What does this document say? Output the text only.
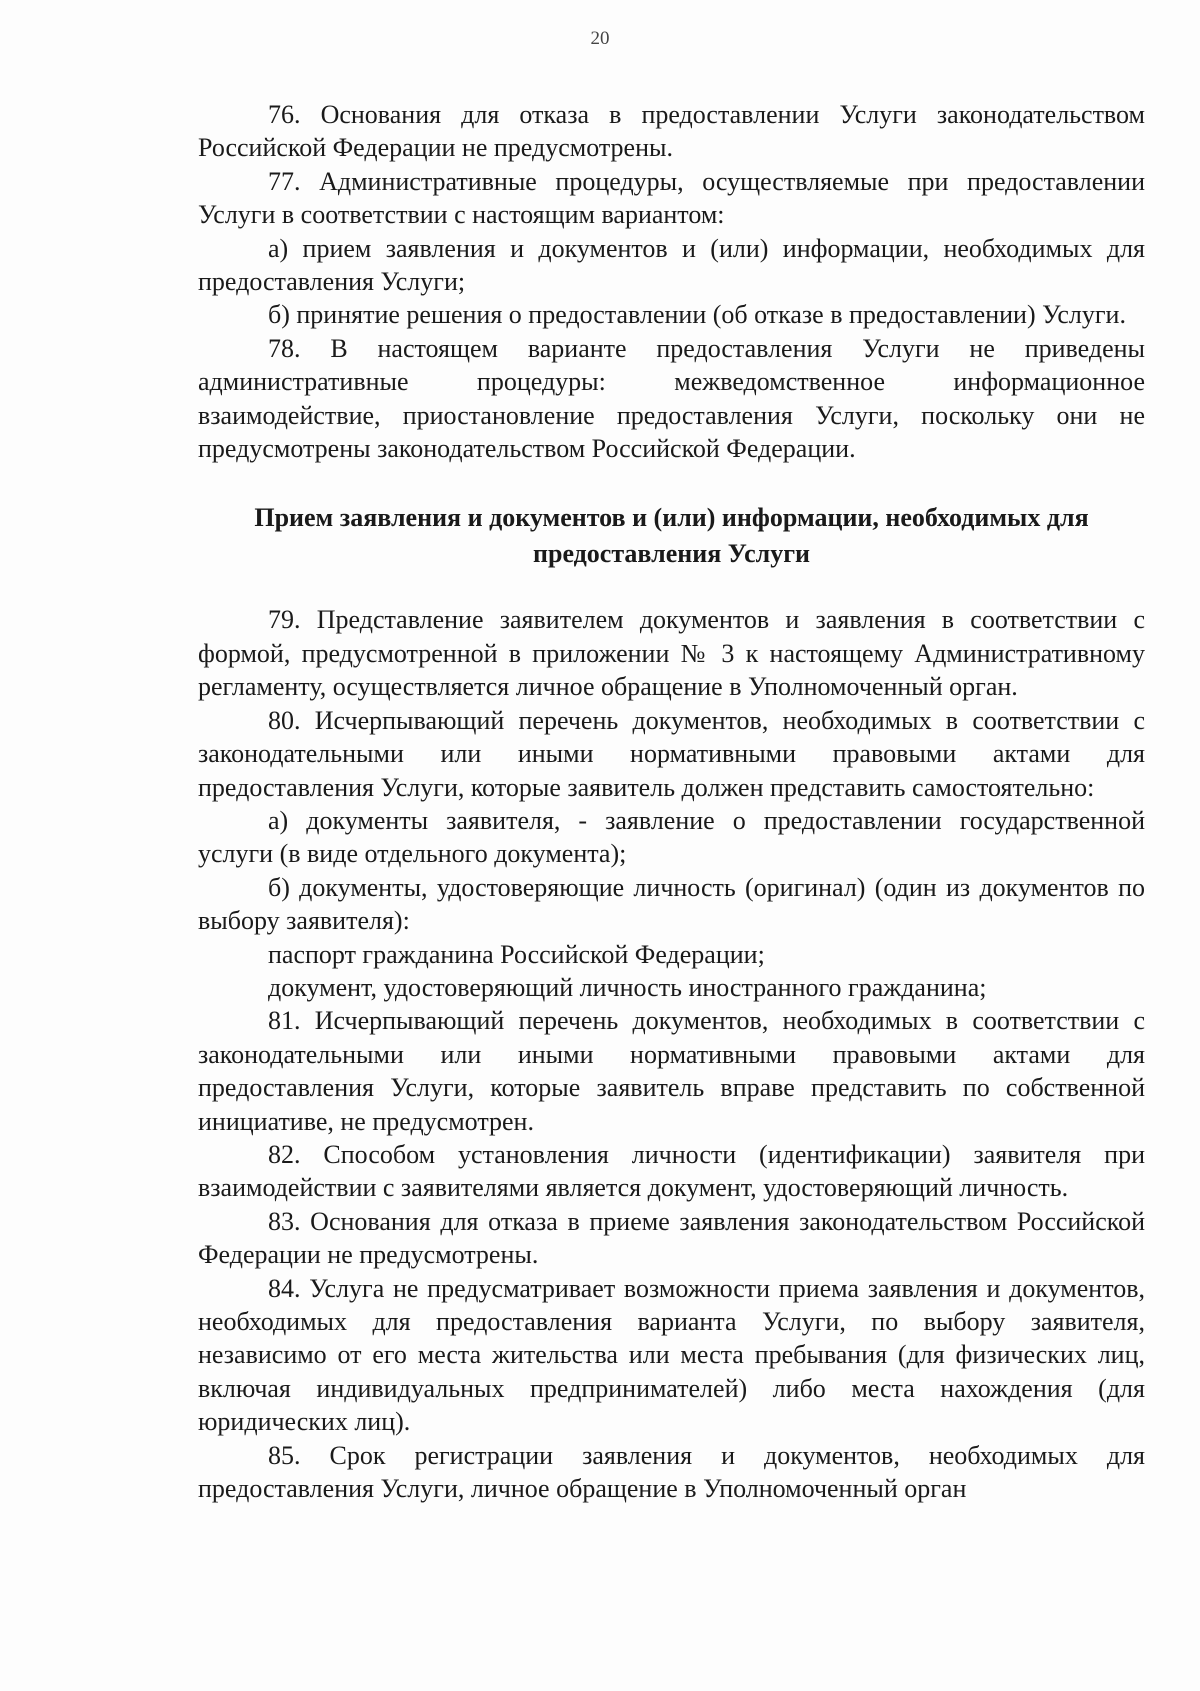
20

76. Основания для отказа в предоставлении Услуги законодательством Российской Федерации не предусмотрены.

77. Административные процедуры, осуществляемые при предоставлении Услуги в соответствии с настоящим вариантом:

а) прием заявления и документов и (или) информации, необходимых для предоставления Услуги;

б) принятие решения о предоставлении (об отказе в предоставлении) Услуги.

78. В настоящем варианте предоставления Услуги не приведены административные процедуры: межведомственное информационное взаимодействие, приостановление предоставления Услуги, поскольку они не предусмотрены законодательством Российской Федерации.

Прием заявления и документов и (или) информации, необходимых для предоставления Услуги

79. Представление заявителем документов и заявления в соответствии с формой, предусмотренной в приложении № 3 к настоящему Административному регламенту, осуществляется личное обращение в Уполномоченный орган.

80. Исчерпывающий перечень документов, необходимых в соответствии с законодательными или иными нормативными правовыми актами для предоставления Услуги, которые заявитель должен представить самостоятельно:

а) документы заявителя, - заявление о предоставлении государственной услуги (в виде отдельного документа);

б) документы, удостоверяющие личность (оригинал) (один из документов по выбору заявителя):

паспорт гражданина Российской Федерации;

документ, удостоверяющий личность иностранного гражданина;

81. Исчерпывающий перечень документов, необходимых в соответствии с законодательными или иными нормативными правовыми актами для предоставления Услуги, которые заявитель вправе представить по собственной инициативе, не предусмотрен.

82. Способом установления личности (идентификации) заявителя при взаимодействии с заявителями является документ, удостоверяющий личность.

83. Основания для отказа в приеме заявления законодательством Российской Федерации не предусмотрены.

84. Услуга не предусматривает возможности приема заявления и документов, необходимых для предоставления варианта Услуги, по выбору заявителя, независимо от его места жительства или места пребывания (для физических лиц, включая индивидуальных предпринимателей) либо места нахождения (для юридических лиц).

85. Срок регистрации заявления и документов, необходимых для предоставления Услуги, личное обращение в Уполномоченный орган
